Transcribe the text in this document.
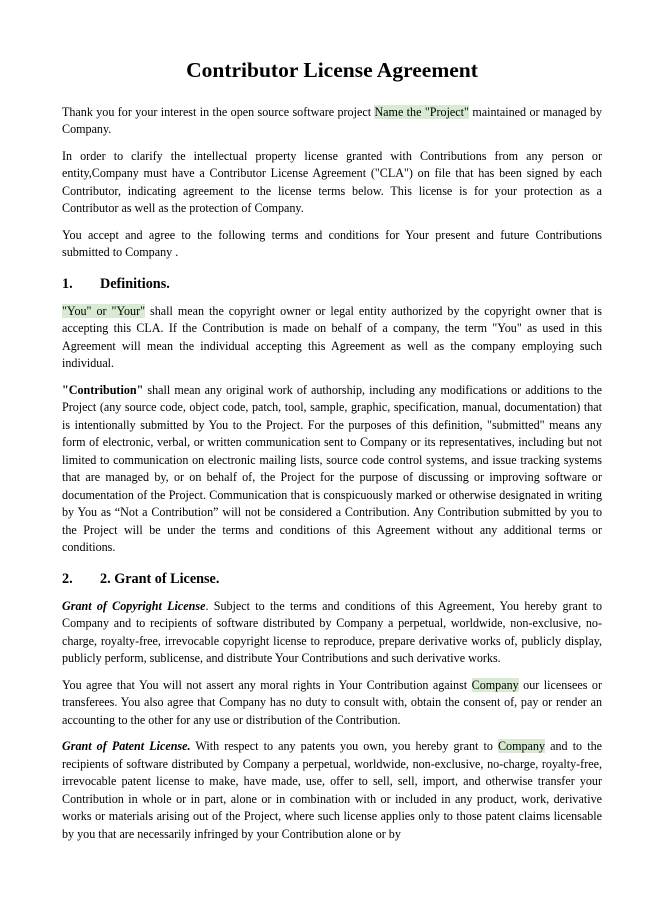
Contributor License Agreement

Thank you for your interest in the open source software project Name the "Project" maintained or managed by Company.

In order to clarify the intellectual property license granted with Contributions from any person or entity,Company must have a Contributor License Agreement ("CLA") on file that has been signed by each Contributor, indicating agreement to the license terms below. This license is for your protection as a Contributor as well as the protection of Company.

You accept and agree to the following terms and conditions for Your present and future Contributions submitted to Company .

1. Definitions.

"You" or "Your" shall mean the copyright owner or legal entity authorized by the copyright owner that is accepting this CLA. If the Contribution is made on behalf of a company, the term "You" as used in this Agreement will mean the individual accepting this Agreement as well as the company employing such individual.

"Contribution" shall mean any original work of authorship, including any modifications or additions to the Project (any source code, object code, patch, tool, sample, graphic, specification, manual, documentation) that is intentionally submitted by You to the Project. For the purposes of this definition, "submitted" means any form of electronic, verbal, or written communication sent to Company or its representatives, including but not limited to communication on electronic mailing lists, source code control systems, and issue tracking systems that are managed by, or on behalf of, the Project for the purpose of discussing or improving software or documentation of the Project. Communication that is conspicuously marked or otherwise designated in writing by You as “Not a Contribution” will not be considered a Contribution. Any Contribution submitted by you to the Project will be under the terms and conditions of this Agreement without any additional terms or conditions.

2. 2. Grant of License.

Grant of Copyright License. Subject to the terms and conditions of this Agreement, You hereby grant to Company and to recipients of software distributed by Company a perpetual, worldwide, non-exclusive, no-charge, royalty-free, irrevocable copyright license to reproduce, prepare derivative works of, publicly display, publicly perform, sublicense, and distribute Your Contributions and such derivative works.

You agree that You will not assert any moral rights in Your Contribution against Company our licensees or transferees. You also agree that Company has no duty to consult with, obtain the consent of, pay or render an accounting to the other for any use or distribution of the Contribution.

Grant of Patent License. With respect to any patents you own, you hereby grant to Company and to the recipients of software distributed by Company a perpetual, worldwide, non-exclusive, no-charge, royalty-free, irrevocable patent license to make, have made, use, offer to sell, sell, import, and otherwise transfer your Contribution in whole or in part, alone or in combination with or included in any product, work, derivative works or materials arising out of the Project, where such license applies only to those patent claims licensable by you that are necessarily infringed by your Contribution alone or by
